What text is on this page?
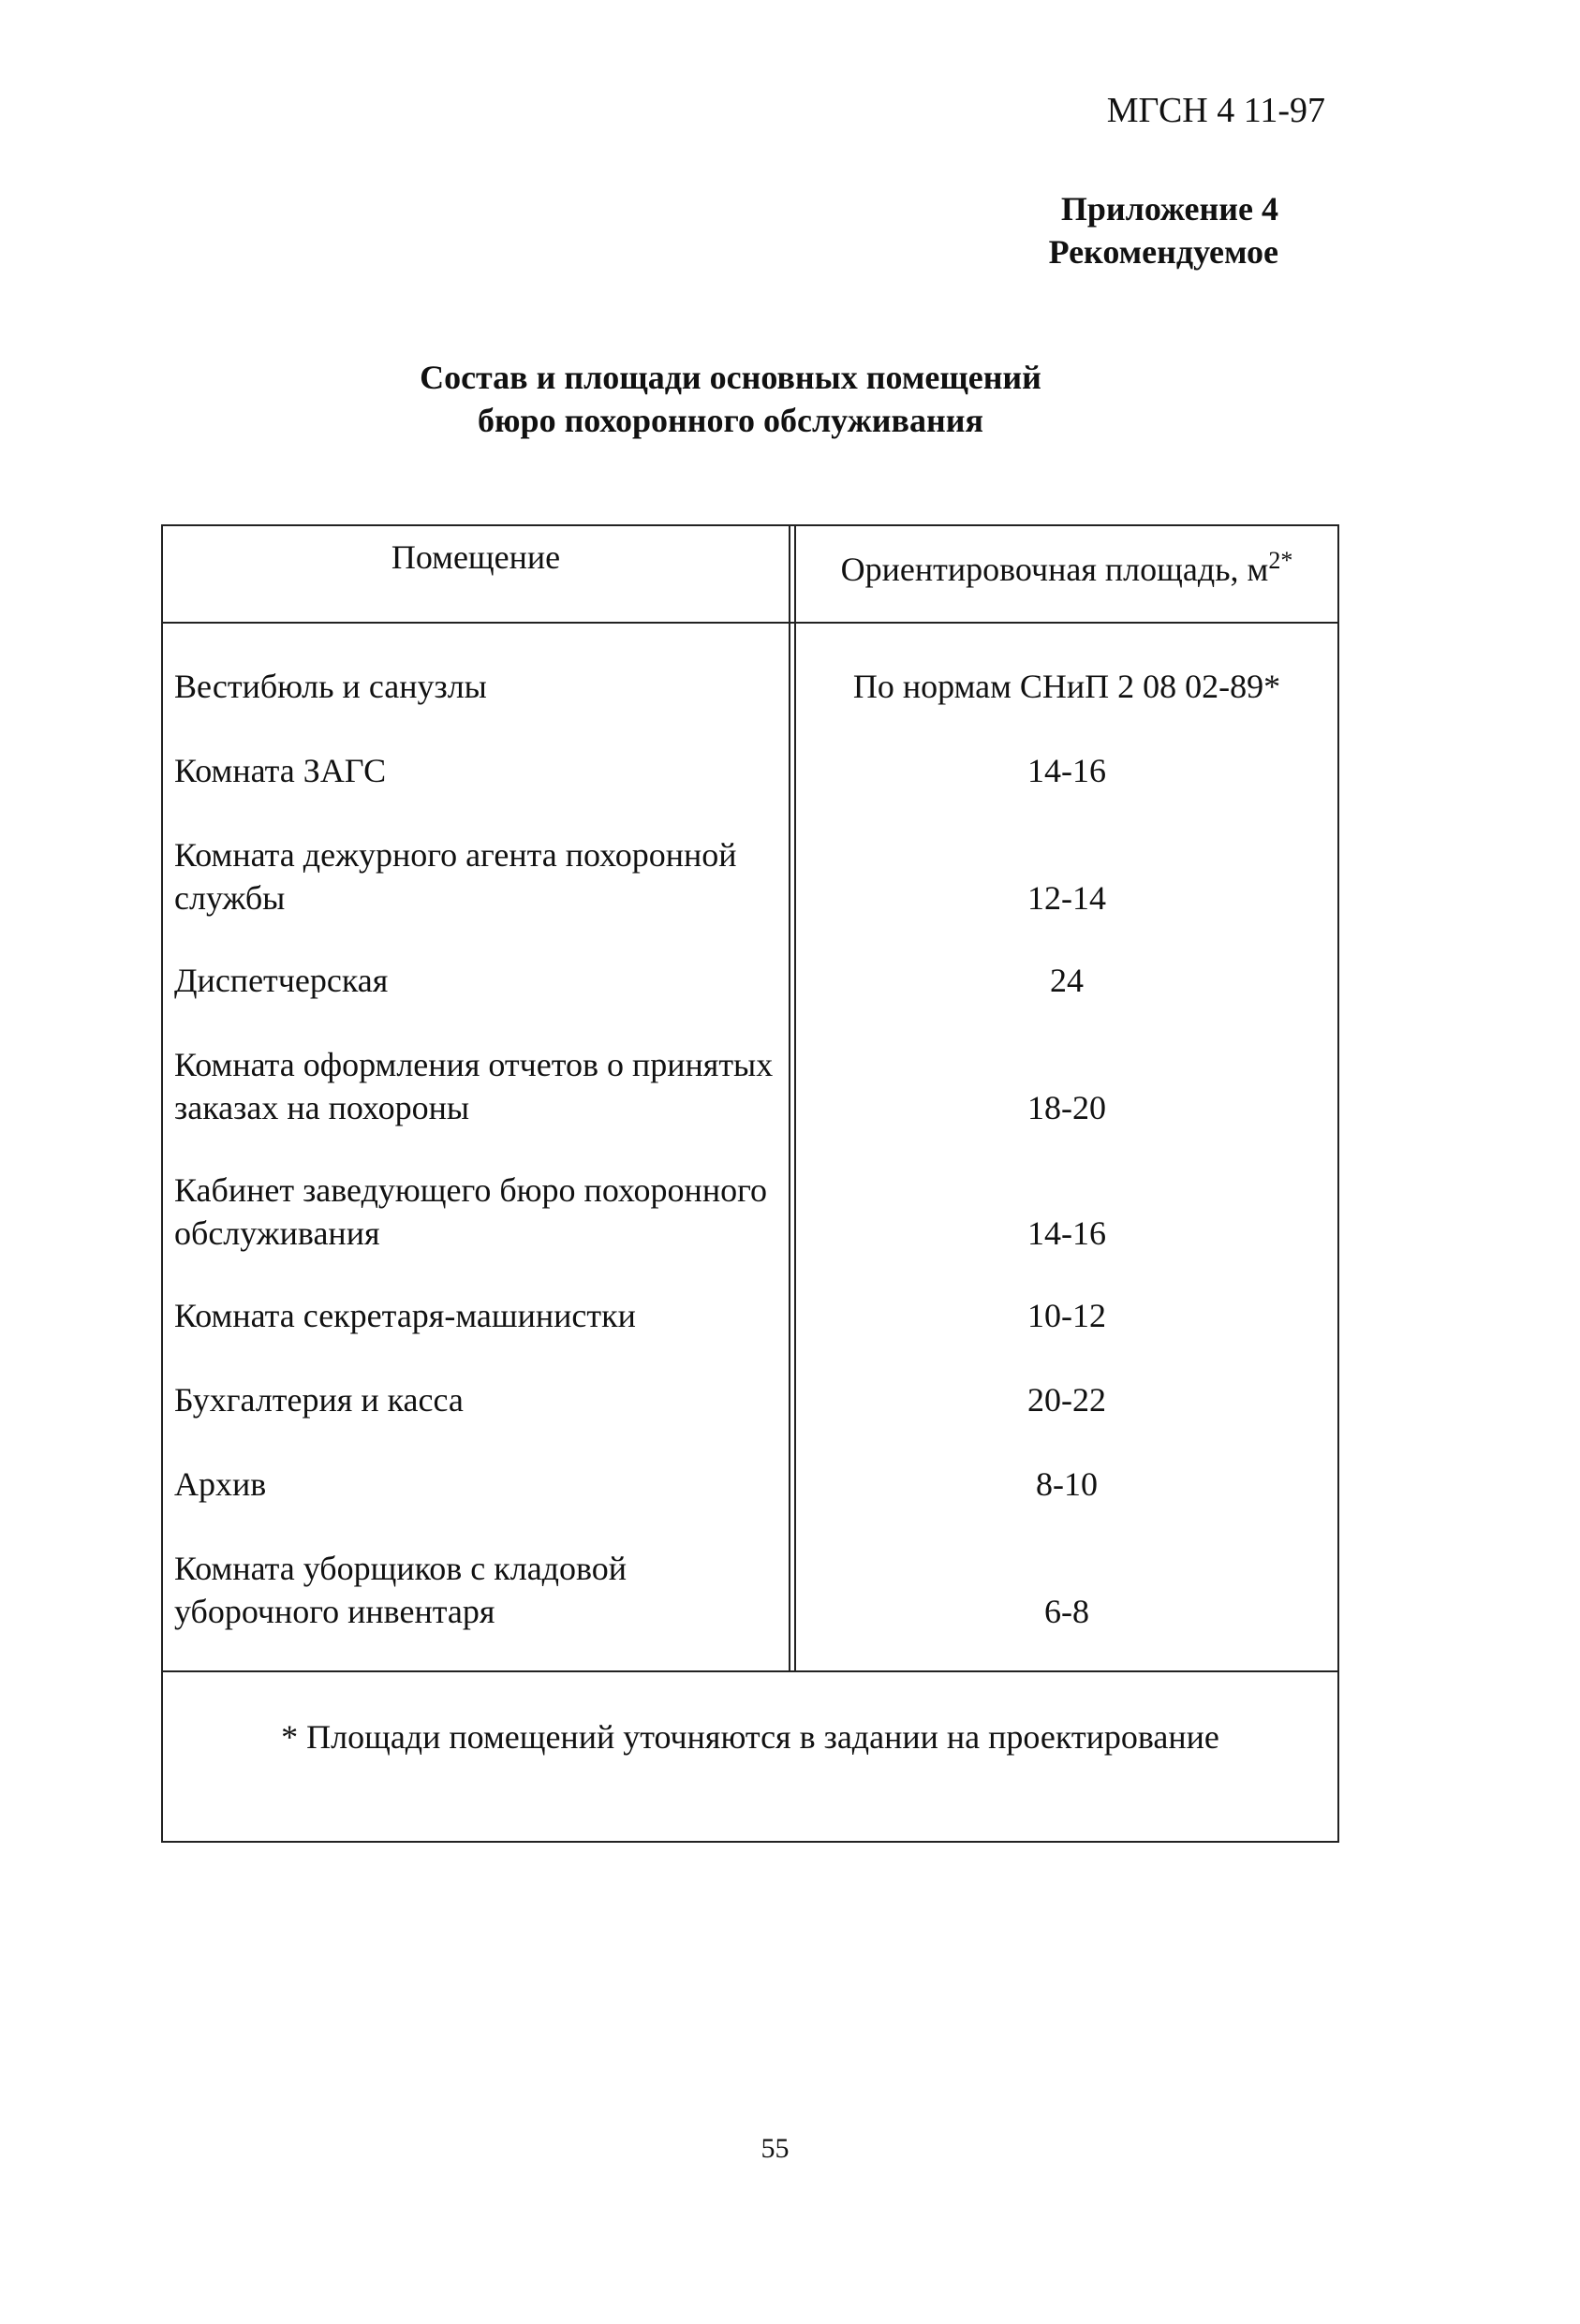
МГСН 4 11-97
Приложение 4
Рекомендуемое
Состав и площади основных помещений
бюро похоронного обслуживания
Помещение	Ориентировочная площадь, $м^{2*}$
Вестибюль и санузлы	По нормам СНиП 2 08 02-89*
Комната ЗАГС	14-16
Комната дежурного агента похоронной службы	12-14
Диспетчерская	24
Комната оформления отчетов о принятых заказах на похороны	18-20
Кабинет заведующего бюро похоронного обслуживания	14-16
Комната секретаря-машинистки	10-12
Бухгалтерия и касса	20-22
Архив	8-10
Комната уборщиков с кладовой уборочного инвентаря	6-8
* Площади помещений уточняются в задании на проектирование
55
